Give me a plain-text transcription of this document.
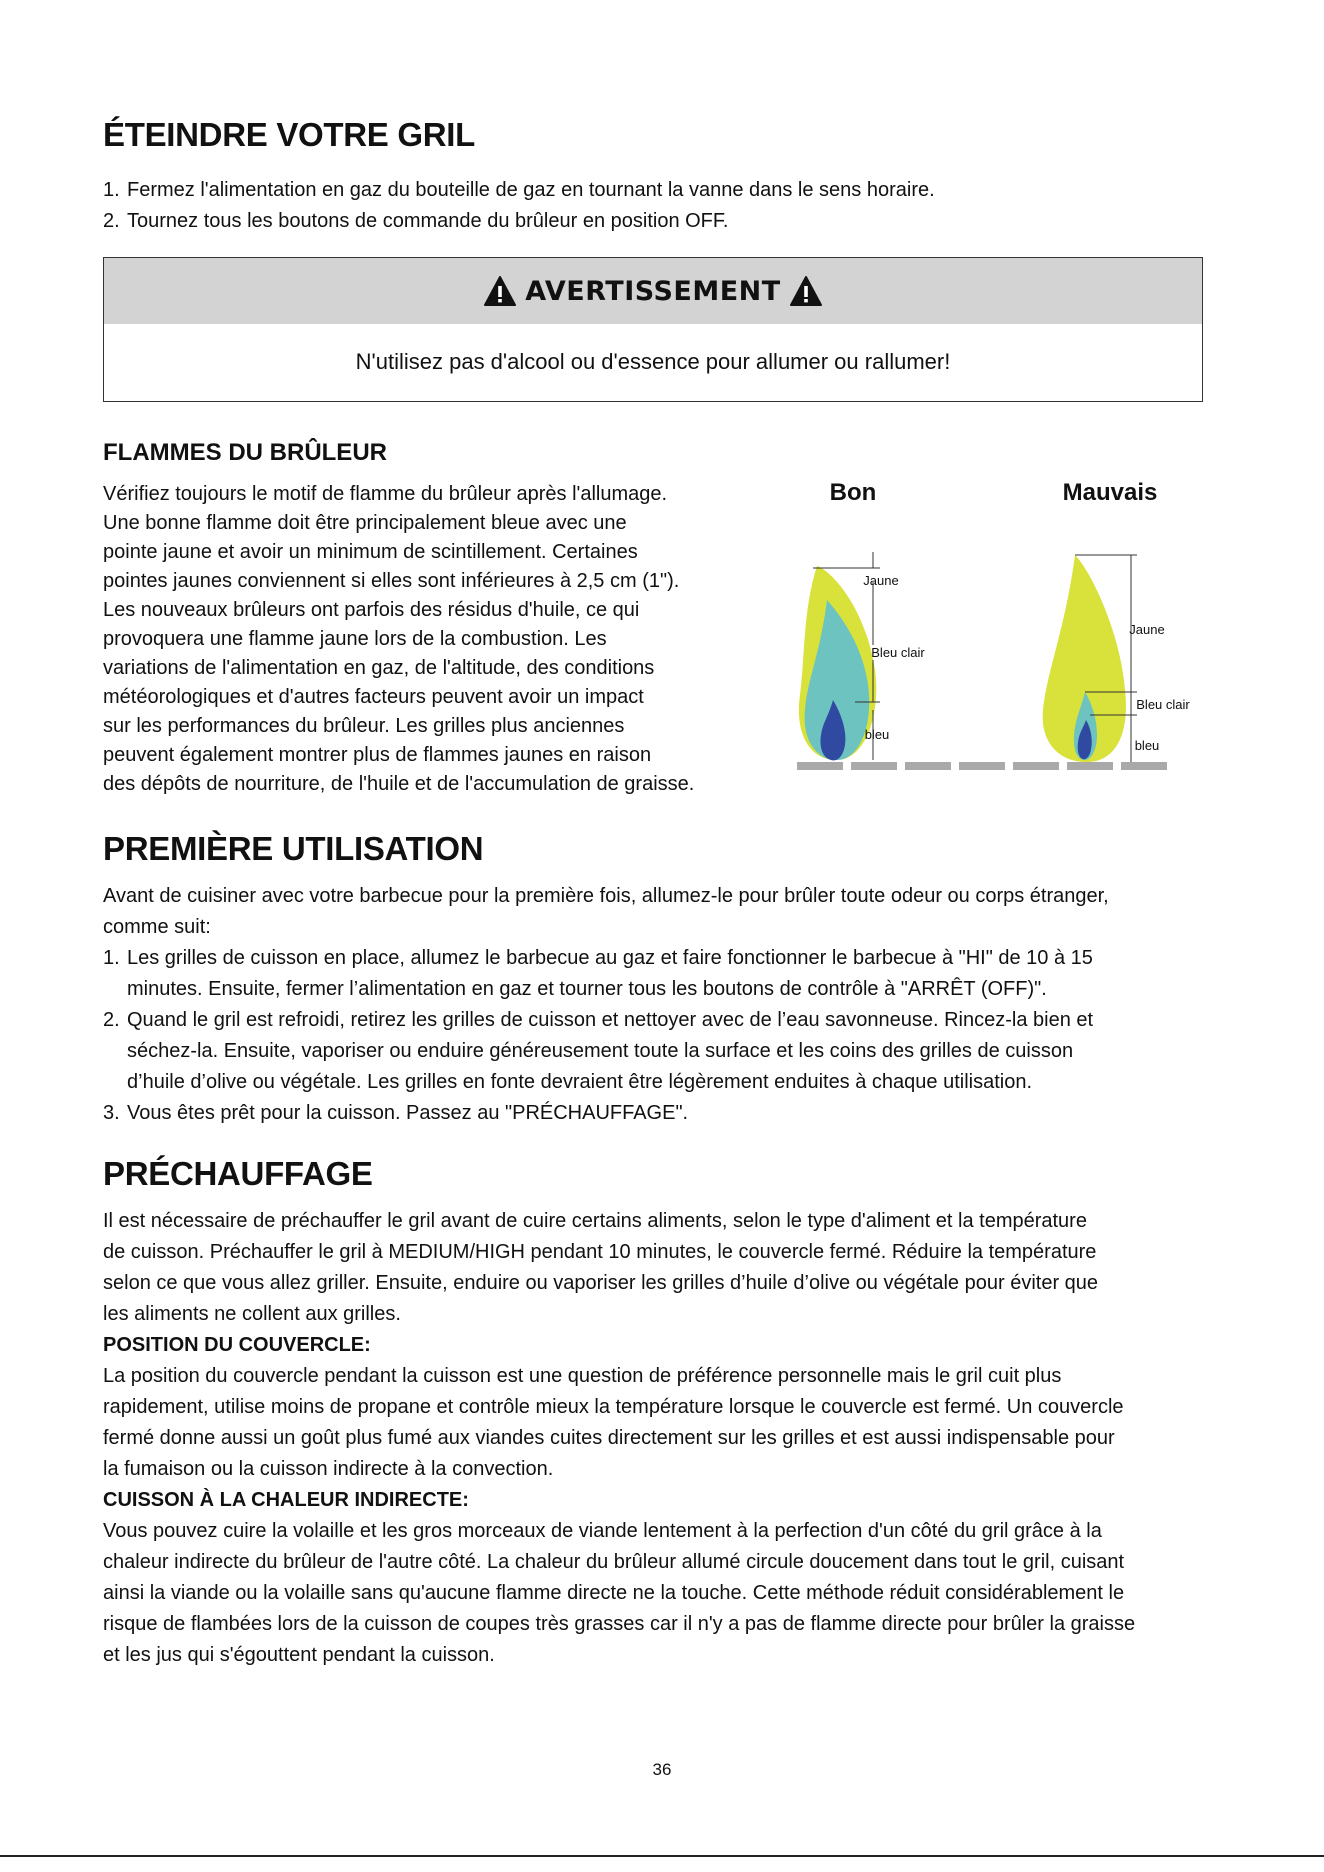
ÉTEINDRE VOTRE GRIL
1. Fermez l'alimentation en gaz du bouteille de gaz en tournant la vanne dans le sens horaire.
2. Tournez tous les boutons de commande du brûleur en position OFF.
AVERTISSEMENT
N'utilisez pas d'alcool ou d'essence pour allumer ou rallumer!
FLAMMES DU BRÛLEUR
Vérifiez toujours le motif de flamme du brûleur après l'allumage.
Une bonne flamme doit être principalement bleue avec une
pointe jaune et avoir un minimum de scintillement. Certaines
pointes jaunes conviennent si elles sont inférieures à 2,5 cm (1").
Les nouveaux brûleurs ont parfois des résidus d'huile, ce qui
provoquera une flamme jaune lors de la combustion. Les
variations de l'alimentation en gaz, de l'altitude, des conditions
météorologiques et d'autres facteurs peuvent avoir un impact
sur les performances du brûleur. Les grilles plus anciennes
peuvent également montrer plus de flammes jaunes en raison
des dépôts de nourriture, de l'huile et de l'accumulation de graisse.
Bon	Mauvais
Jaune
Bleu clair
bleu
Jaune
Bleu clair
bleu
PREMIÈRE UTILISATION
Avant de cuisiner avec votre barbecue pour la première fois, allumez-le pour brûler toute odeur ou corps étranger,
comme suit:
1. Les grilles de cuisson en place, allumez le barbecue au gaz et faire fonctionner le barbecue à "HI" de 10 à 15
minutes. Ensuite, fermer l’alimentation en gaz et tourner tous les boutons de contrôle à "ARRÊT (OFF)".
2. Quand le gril est refroidi, retirez les grilles de cuisson et nettoyer avec de l’eau savonneuse. Rincez-la bien et
séchez-la. Ensuite, vaporiser ou enduire généreusement toute la surface et les coins des grilles de cuisson
d’huile d’olive ou végétale. Les grilles en fonte devraient être légèrement enduites à chaque utilisation.
3. Vous êtes prêt pour la cuisson. Passez au "PRÉCHAUFFAGE".
PRÉCHAUFFAGE
Il est nécessaire de préchauffer le gril avant de cuire certains aliments, selon le type d'aliment et la température
de cuisson. Préchauffer le gril à MEDIUM/HIGH pendant 10 minutes, le couvercle fermé. Réduire la température
selon ce que vous allez griller. Ensuite, enduire ou vaporiser les grilles d’huile d’olive ou végétale pour éviter que
les aliments ne collent aux grilles.
POSITION DU COUVERCLE:
La position du couvercle pendant la cuisson est une question de préférence personnelle mais le gril cuit plus
rapidement, utilise moins de propane et contrôle mieux la température lorsque le couvercle est fermé. Un couvercle
fermé donne aussi un goût plus fumé aux viandes cuites directement sur les grilles et est aussi indispensable pour
la fumaison ou la cuisson indirecte à la convection.
CUISSON À LA CHALEUR INDIRECTE:
Vous pouvez cuire la volaille et les gros morceaux de viande lentement à la perfection d'un côté du gril grâce à la
chaleur indirecte du brûleur de l'autre côté. La chaleur du brûleur allumé circule doucement dans tout le gril, cuisant
ainsi la viande ou la volaille sans qu'aucune flamme directe ne la touche. Cette méthode réduit considérablement le
risque de flambées lors de la cuisson de coupes très grasses car il n'y a pas de flamme directe pour brûler la graisse
et les jus qui s'égouttent pendant la cuisson.
36
